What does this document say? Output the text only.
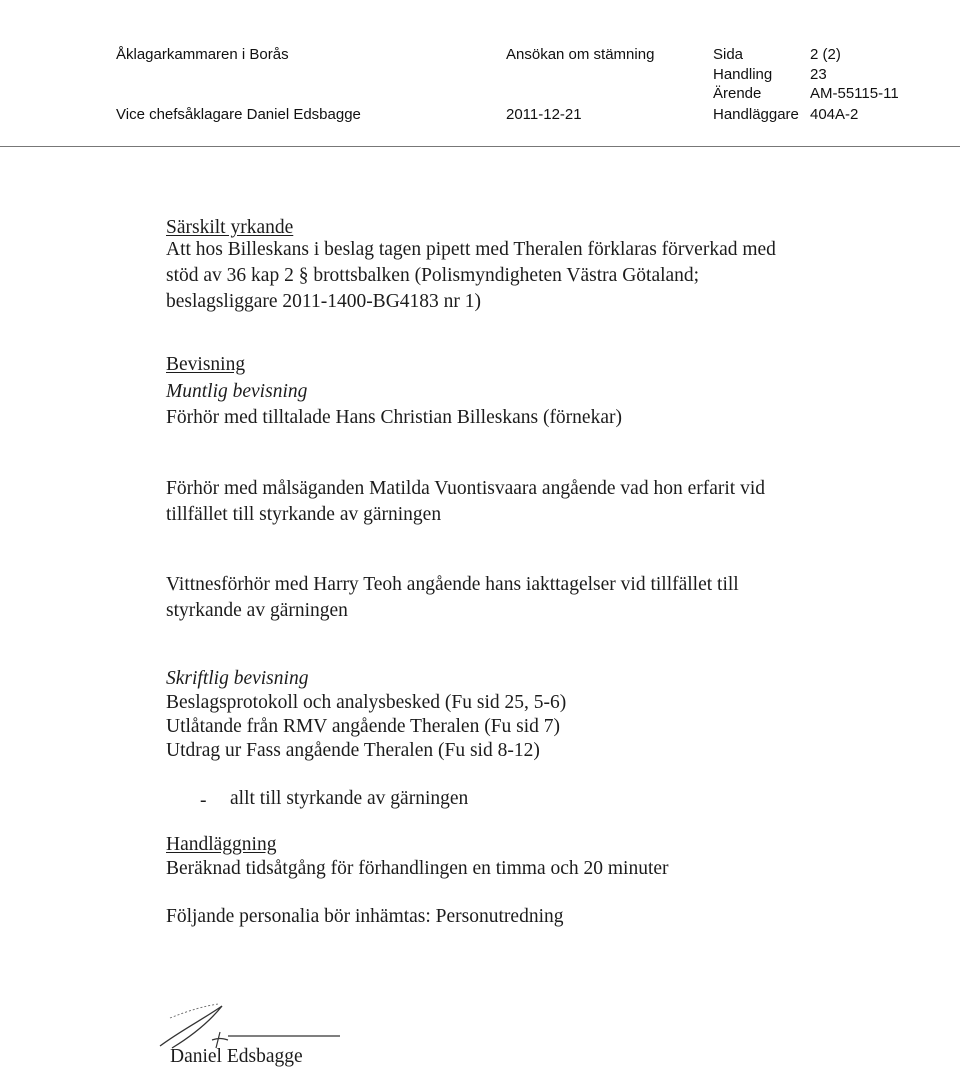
Åklagarkammaren i Borås	Ansökan om stämning	Sida	2 (2)
Handling	23
Ärende	AM-55115-11
Vice chefsåklagare Daniel Edsbagge	2011-12-21	Handläggare 404A-2
Särskilt yrkande
Att hos Billeskans i beslag tagen pipett med Theralen förklaras förverkad med
stöd av 36 kap 2 § brottsbalken (Polismyndigheten Västra Götaland;
beslagsliggare 2011-1400-BG4183 nr 1)
Bevisning
Muntlig bevisning
Förhör med tilltalade Hans Christian Billeskans (förnekar)
Förhör med målsäganden Matilda Vuontisvaara angående vad hon erfarit vid
tillfället till styrkande av gärningen
Vittnesförhör med Harry Teoh angående hans iakttagelser vid tillfället till
styrkande av gärningen
Skriftlig bevisning
Beslagsprotokoll och analysbesked (Fu sid 25, 5-6)
Utlåtande från RMV angående Theralen (Fu sid 7)
Utdrag ur Fass angående Theralen (Fu sid 8-12)
- allt till styrkande av gärningen
Handläggning
Beräknad tidsåtgång för förhandlingen en timma och 20 minuter
Följande personalia bör inhämtas: Personutredning
Daniel Edsbagge
